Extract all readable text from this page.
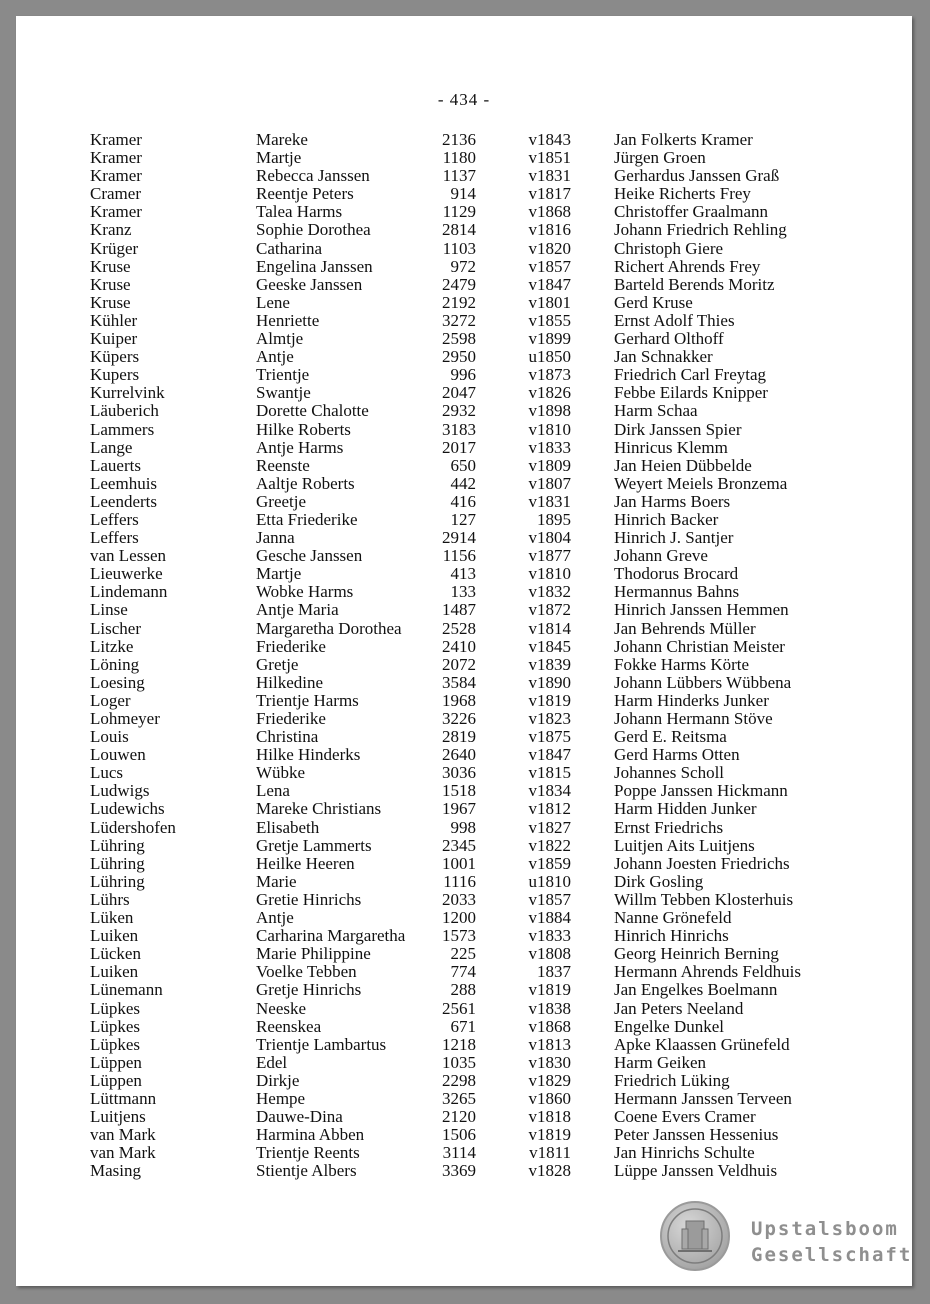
- 434 -
Kramer	Mareke	2136	v1843	Jan Folkerts Kramer
Kramer	Martje	1180	v1851	Jürgen Groen
Kramer	Rebecca Janssen	1137	v1831	Gerhardus Janssen Graß
Cramer	Reentje Peters	914	v1817	Heike Richerts Frey
Kramer	Talea Harms	1129	v1868	Christoffer Graalmann
Kranz	Sophie Dorothea	2814	v1816	Johann Friedrich Rehling
Krüger	Catharina	1103	v1820	Christoph Giere
Kruse	Engelina Janssen	972	v1857	Richert Ahrends Frey
Kruse	Geeske Janssen	2479	v1847	Barteld Berends Moritz
Kruse	Lene	2192	v1801	Gerd Kruse
Kühler	Henriette	3272	v1855	Ernst Adolf Thies
Kuiper	Almtje	2598	v1899	Gerhard Olthoff
Küpers	Antje	2950	u1850	Jan Schnakker
Kupers	Trientje	996	v1873	Friedrich Carl Freytag
Kurrelvink	Swantje	2047	v1826	Febbe Eilards Knipper
Läuberich	Dorette Chalotte	2932	v1898	Harm Schaa
Lammers	Hilke Roberts	3183	v1810	Dirk Janssen Spier
Lange	Antje Harms	2017	v1833	Hinricus Klemm
Lauerts	Reenste	650	v1809	Jan Heien Dübbelde
Leemhuis	Aaltje Roberts	442	v1807	Weyert Meiels Bronzema
Leenderts	Greetje	416	v1831	Jan Harms Boers
Leffers	Etta Friederike	127	1895	Hinrich Backer
Leffers	Janna	2914	v1804	Hinrich J. Santjer
van Lessen	Gesche Janssen	1156	v1877	Johann Greve
Lieuwerke	Martje	413	v1810	Thodorus Brocard
Lindemann	Wobke Harms	133	v1832	Hermannus Bahns
Linse	Antje Maria	1487	v1872	Hinrich Janssen Hemmen
Lischer	Margaretha Dorothea	2528	v1814	Jan Behrends Müller
Litzke	Friederike	2410	v1845	Johann Christian Meister
Löning	Gretje	2072	v1839	Fokke Harms Körte
Loesing	Hilkedine	3584	v1890	Johann Lübbers Wübbena
Loger	Trientje Harms	1968	v1819	Harm Hinderks Junker
Lohmeyer	Friederike	3226	v1823	Johann Hermann Stöve
Louis	Christina	2819	v1875	Gerd E. Reitsma
Louwen	Hilke Hinderks	2640	v1847	Gerd Harms Otten
Lucs	Wübke	3036	v1815	Johannes Scholl
Ludwigs	Lena	1518	v1834	Poppe Janssen Hickmann
Ludewichs	Mareke Christians	1967	v1812	Harm Hidden Junker
Lüdershofen	Elisabeth	998	v1827	Ernst Friedrichs
Lühring	Gretje Lammerts	2345	v1822	Luitjen Aits Luitjens
Lühring	Heilke Heeren	1001	v1859	Johann Joesten Friedrichs
Lühring	Marie	1116	u1810	Dirk Gosling
Lührs	Gretie Hinrichs	2033	v1857	Willm Tebben Klosterhuis
Lüken	Antje	1200	v1884	Nanne Grönefeld
Luiken	Carharina Margaretha	1573	v1833	Hinrich Hinrichs
Lücken	Marie Philippine	225	v1808	Georg Heinrich Berning
Luiken	Voelke Tebben	774	1837	Hermann Ahrends Feldhuis
Lünemann	Gretje Hinrichs	288	v1819	Jan Engelkes Boelmann
Lüpkes	Neeske	2561	v1838	Jan Peters Neeland
Lüpkes	Reenskea	671	v1868	Engelke Dunkel
Lüpkes	Trientje Lambartus	1218	v1813	Apke Klaassen Grünefeld
Lüppen	Edel	1035	v1830	Harm Geiken
Lüppen	Dirkje	2298	v1829	Friedrich Lüking
Lüttmann	Hempe	3265	v1860	Hermann Janssen Terveen
Luitjens	Dauwe-Dina	2120	v1818	Coene Evers Cramer
van Mark	Harmina Abben	1506	v1819	Peter Janssen Hessenius
van Mark	Trientje Reents	3114	v1811	Jan Hinrichs Schulte
Masing	Stientje Albers	3369	v1828	Lüppe Janssen Veldhuis
Upstalsboom
Gesellschaft
